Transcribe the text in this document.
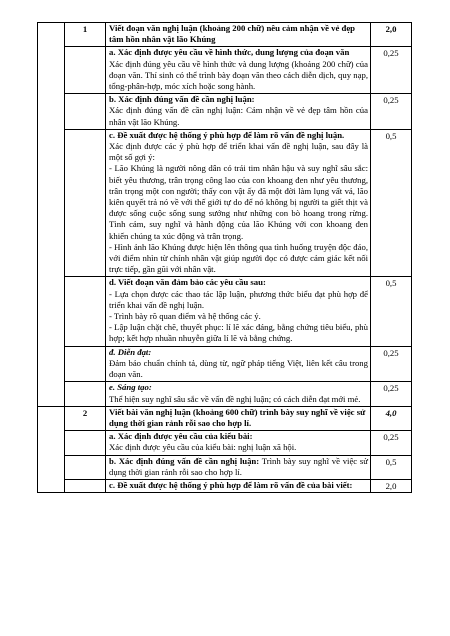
	1	Viết đoạn văn nghị luận (khoảng 200 chữ) nêu cảm nhận về vẻ đẹp tâm hồn nhân vật lão Khúng	2,0

		a. Xác định được yêu cầu về hình thức, dung lượng của đoạn văn
Xác định đúng yêu cầu về hình thức và dung lượng (khoảng 200 chữ) của đoạn văn. Thí sinh có thể trình bày đoạn văn theo cách diễn dịch, quy nạp, tổng-phân-hợp, móc xích hoặc song hành.	0,25

		b. Xác định đúng vấn đề cần nghị luận:
Xác định đúng vấn đề cần nghị luận: Cảm nhận về vẻ đẹp tâm hồn của nhân vật lão Khúng.	0,25

		c. Đề xuất được hệ thống ý phù hợp để làm rõ vấn đề nghị luận.
Xác định được các ý phù hợp để triển khai vấn đề nghị luận, sau đây là một số gợi ý:
- Lão Khúng là người nông dân có trái tim nhân hậu và suy nghĩ sâu sắc: biết yêu thương, trân trọng công lao của con khoang đen như yêu thương, trân trọng một con người; thấy con vật ấy đã một đời làm lụng vất vả, lão kiên quyết trả nó về với thế giới tự do để nó không bị người ta giết thịt và được sống cuộc sống sung sướng như những con bò hoang trong rừng. Tình cảm, suy nghĩ và hành động của lão Khúng với con khoang đen khiến chúng ta xúc động và trân trọng.
- Hình ảnh lão Khúng được hiện lên thông qua tình huống truyện độc đáo, với điểm nhìn từ chính nhân vật giúp người đọc có được cảm giác kết nối trực tiếp, gần gũi với nhân vật.	0,5

		d. Viết đoạn văn đảm bảo các yêu cầu sau:
- Lựa chọn được các thao tác lập luận, phương thức biểu đạt phù hợp để triển khai vấn đề nghị luận.
- Trình bày rõ quan điểm và hệ thống các ý.
- Lập luận chặt chẽ, thuyết phục: lí lẽ xác đáng, bằng chứng tiêu biểu, phù hợp; kết hợp nhuần nhuyễn giữa lí lẽ và bằng chứng.	0,5

		đ. Diễn đạt:
Đảm bảo chuẩn chính tả, dùng từ, ngữ pháp tiếng Việt, liên kết câu trong đoạn văn.	0,25

		e. Sáng tạo:
Thể hiện suy nghĩ sâu sắc về vấn đề nghị luận; có cách diễn đạt mới mẻ.	0,25
	2	Viết bài văn nghị luận (khoảng 600 chữ) trình bày suy nghĩ về việc sử dụng thời gian rảnh rỗi sao cho hợp lí.	4,0

		a. Xác định được yêu cầu của kiểu bài:
Xác định được yêu cầu của kiểu bài: nghị luận xã hội.	0,25

		b. Xác định đúng vấn đề cần nghị luận: Trình bày suy nghĩ về việc sử dụng thời gian rảnh rỗi sao cho hợp lí.	0,5

		c. Đề xuất được hệ thống ý phù hợp để làm rõ vấn đề của bài viết:	2,0
